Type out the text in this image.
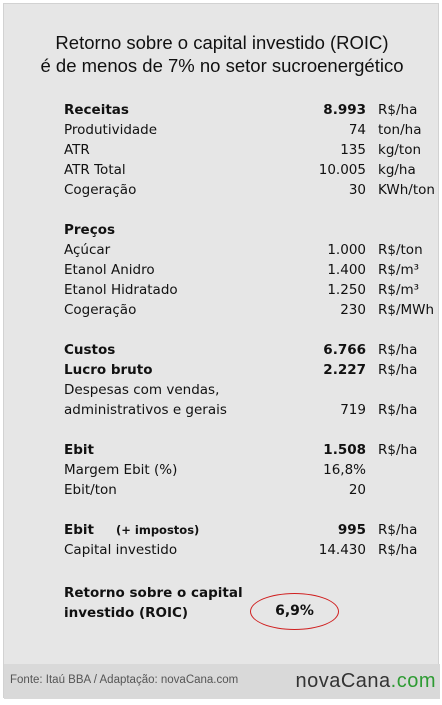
Retorno sobre o capital investido (ROIC)
é de menos de 7% no setor sucroenergético
Receitas	8.993 R$/ha
Produtividade	74 ton/ha
ATR	135 kg/ton
ATR Total	10.005 kg/ha
Cogeração	30 KWh/ton
Preços
Açúcar	1.000 R$/ton
Etanol Anidro	1.400 R$/m³
Etanol Hidratado	1.250 R$/m³
Cogeração	230 R$/MWh
Custos	6.766 R$/ha
Lucro bruto	2.227 R$/ha
Despesas com vendas,
administrativos e gerais	719 R$/ha
Ebit	1.508 R$/ha
Margem Ebit (%)	16,8%
Ebit/ton	20
Ebit (+ impostos)	995 R$/ha
Capital investido	14.430 R$/ha
Retorno sobre o capital
investido (ROIC)	6,9%
Fonte: Itaú BBA / Adaptação: novaCana.com	novaCana.com
